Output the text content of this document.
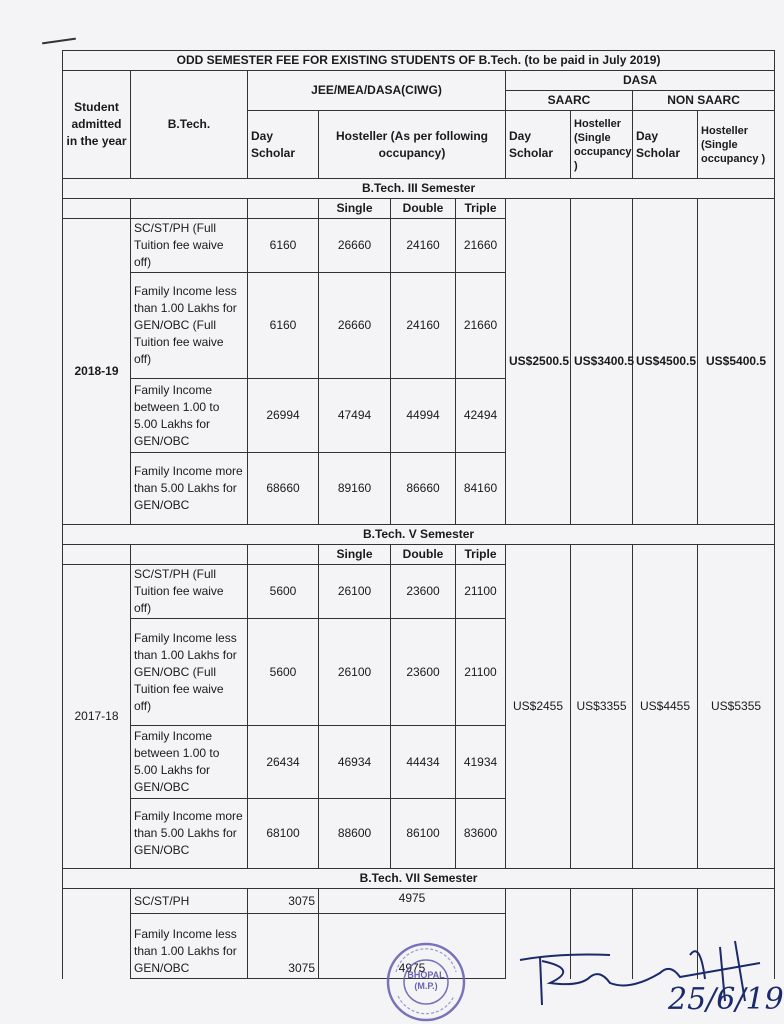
ODD SEMESTER FEE FOR EXISTING STUDENTS OF B.Tech. (to be paid in July 2019)									
Student admitted in the year	B.Tech.	JEE/MEA/DASA(CIWG)				DASA			
						SAARC		NON SAARC	
		Day Scholar	Hosteller (As per following occupancy)			Day Scholar	Hosteller (Single occupancy )	Day Scholar	Hosteller (Single occupancy )
B.Tech. III Semester									
			Single	Double	Triple	US$2500.5	US$3400.5	US$4500.5	US$5400.5
2018-19	SC/ST/PH (Full Tuition fee waive off)	6160	26660	24160	21660				
	Family Income less than 1.00 Lakhs for GEN/OBC (Full Tuition fee waive off)	6160	26660	24160	21660				
	Family Income between 1.00 to 5.00 Lakhs for GEN/OBC	26994	47494	44994	42494				
	Family Income more than 5.00 Lakhs for GEN/OBC	68660	89160	86660	84160				
B.Tech. V Semester									
			Single	Double	Triple	US$2455	US$3355	US$4455	US$5355
2017-18	SC/ST/PH (Full Tuition fee waive off)	5600	26100	23600	21100				
	Family Income less than 1.00 Lakhs for GEN/OBC (Full Tuition fee waive off)	5600	26100	23600	21100				
	Family Income between 1.00 to 5.00 Lakhs for GEN/OBC	26434	46934	44434	41934				
	Family Income more than 5.00 Lakhs for GEN/OBC	68100	88600	86100	83600				
B.Tech. VII Semester									
	SC/ST/PH	3075	4975						
	Family Income less than 1.00 Lakhs for GEN/OBC	3075	4975						
BHOPAL
(M.P.)	25/6/19
